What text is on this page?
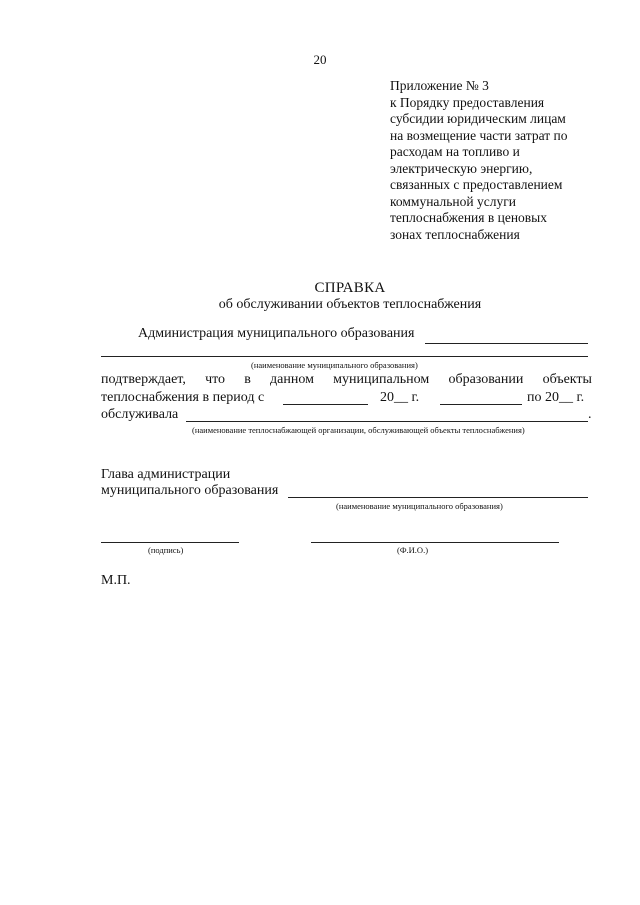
20
Приложение № 3
к Порядку предоставления
субсидии юридическим лицам
на возмещение части затрат по
расходам на топливо и
электрическую энергию,
связанных с предоставлением
коммунальной услуги
теплоснабжения в ценовых
зонах теплоснабжения
СПРАВКА
об обслуживании объектов теплоснабжения
Администрация муниципального образования
(наименование муниципального образования)
подтверждает, что в данном муниципальном образовании объекты
теплоснабжения в период с	20__ г.	по 20__ г.
обслуживала	.
(наименование теплоснабжающей организации, обслуживающей объекты теплоснабжения)
Глава администрации
муниципального образования
(наименование муниципального образования)
(подпись)	(Ф.И.О.)
М.П.
